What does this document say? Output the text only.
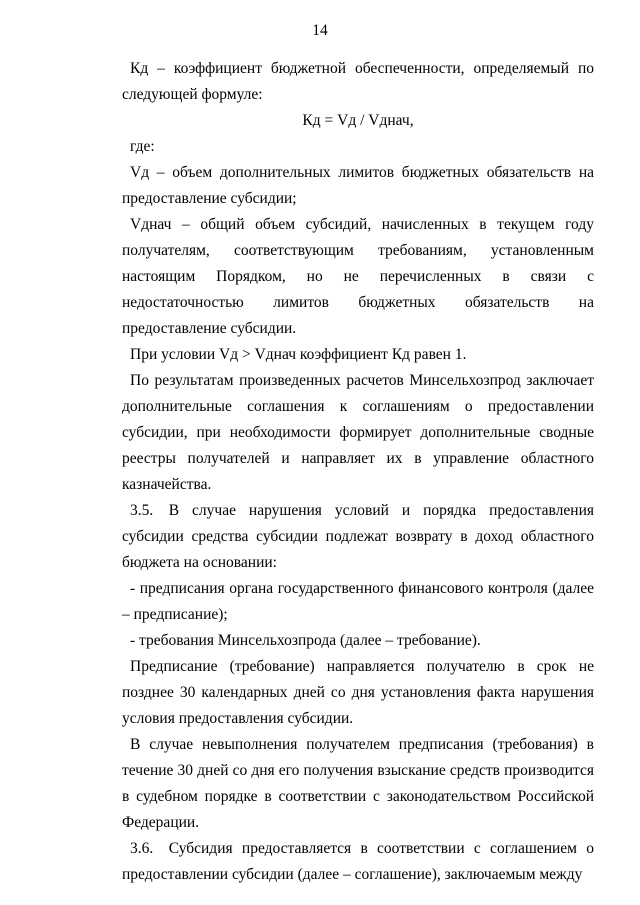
14

Кд – коэффициент бюджетной обеспеченности, определяемый по следующей формуле:

Кд = Vд / Vднач,

где:

Vд – объем дополнительных лимитов бюджетных обязательств на предоставление субсидии;

Vднач – общий объем субсидий, начисленных в текущем году получателям, соответствующим требованиям, установленным настоящим Порядком, но не перечисленных в связи с недостаточностью лимитов бюджетных обязательств на предоставление субсидии.

При условии Vд > Vднач коэффициент Кд равен 1.

По результатам произведенных расчетов Минсельхозпрод заключает дополнительные соглашения к соглашениям о предоставлении субсидии, при необходимости формирует дополнительные сводные реестры получателей и направляет их в управление областного казначейства.

3.5. В случае нарушения условий и порядка предоставления субсидии средства субсидии подлежат возврату в доход областного бюджета на основании:

- предписания органа государственного финансового контроля (далее – предписание);

- требования Минсельхозпрода (далее – требование).

Предписание (требование) направляется получателю в срок не позднее 30 календарных дней со дня установления факта нарушения условия предоставления субсидии.

В случае невыполнения получателем предписания (требования) в течение 30 дней со дня его получения взыскание средств производится в судебном порядке в соответствии с законодательством Российской Федерации.

3.6. Субсидия предоставляется в соответствии с соглашением о предоставлении субсидии (далее – соглашение), заключаемым между
